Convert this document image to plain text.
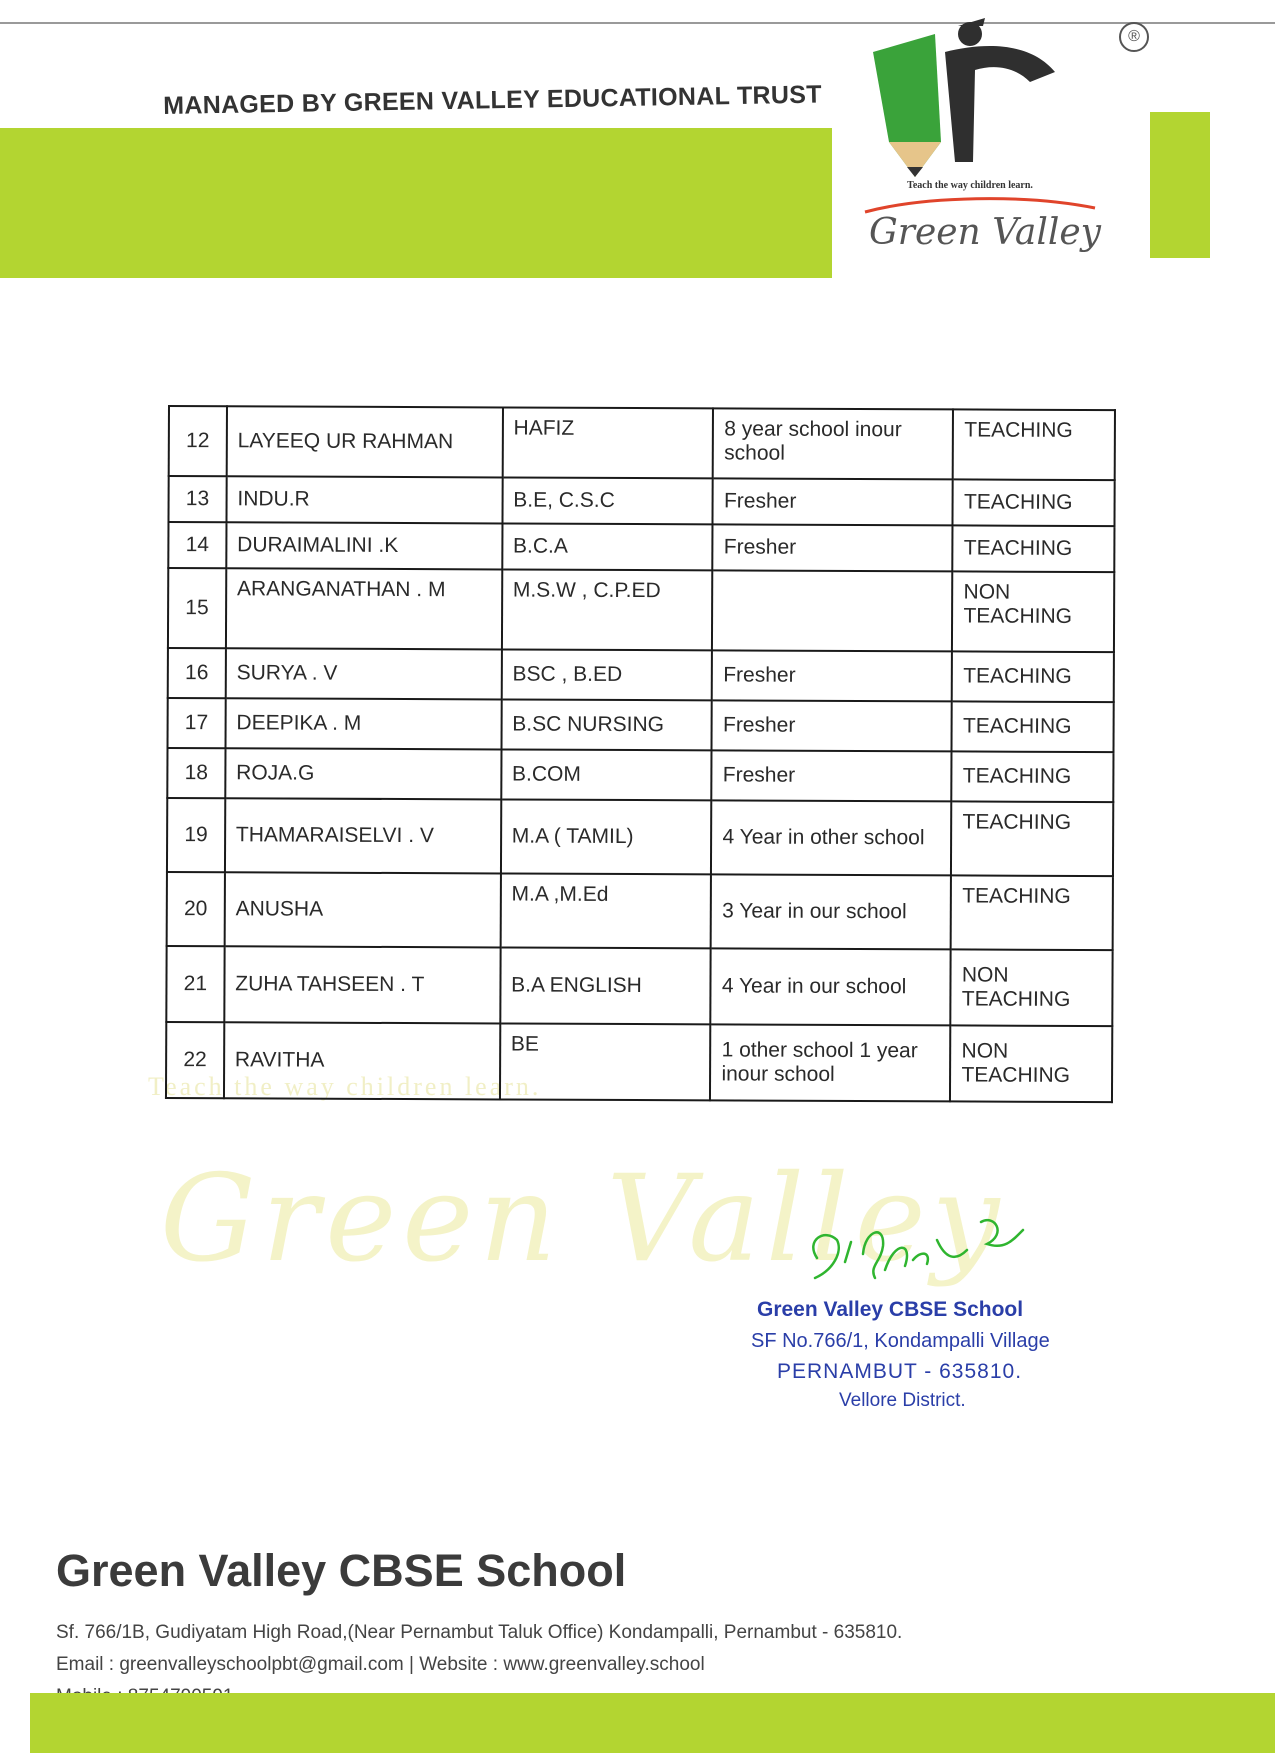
MANAGED BY GREEN VALLEY EDUCATIONAL TRUST
®
Teach the way children learn.
Green Valley
Teach the way children learn.
Green Valley
12	LAYEEQ UR RAHMAN	HAFIZ	8 year school inour school	TEACHING
13	INDU.R	B.E, C.S.C	Fresher	TEACHING
14	DURAIMALINI .K	B.C.A	Fresher	TEACHING
15	ARANGANATHAN . M	M.S.W , C.P.ED		NON TEACHING
16	SURYA . V	BSC , B.ED	Fresher	TEACHING
17	DEEPIKA . M	B.SC NURSING	Fresher	TEACHING
18	ROJA.G	B.COM	Fresher	TEACHING
19	THAMARAISELVI . V	M.A ( TAMIL)	4 Year in other school	TEACHING
20	ANUSHA	M.A ,M.Ed	3 Year in our school	TEACHING
21	ZUHA TAHSEEN . T	B.A ENGLISH	4 Year in our school	NON TEACHING
22	RAVITHA	BE	1 other school 1 year inour school	NON TEACHING
Green Valley CBSE School
SF No.766/1, Kondampalli Village
PERNAMBUT - 635810.
Vellore District.
Green Valley CBSE School
Sf. 766/1B, Gudiyatam High Road,(Near Pernambut Taluk Office) Kondampalli, Pernambut - 635810.
Email : greenvalleyschoolpbt@gmail.com | Website : www.greenvalley.school
